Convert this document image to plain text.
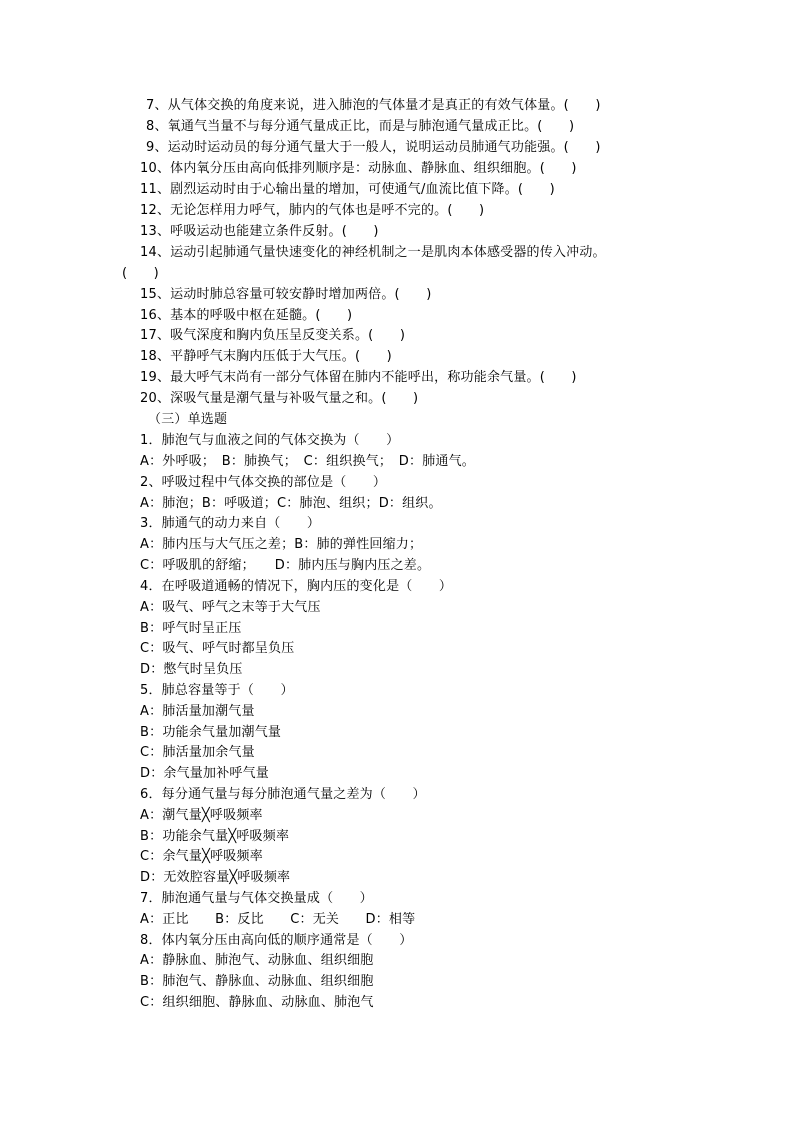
7、从气体交换的角度来说，进入肺泡的气体量才是真正的有效气体量。(　　)
8、氧通气当量不与每分通气量成正比，而是与肺泡通气量成正比。(　　)
9、运动时运动员的每分通气量大于一般人，说明运动员肺通气功能强。(　　)
10、体内氧分压由高向低排列顺序是：动脉血、静脉血、组织细胞。(　　)
11、剧烈运动时由于心输出量的增加，可使通气/血流比值下降。(　　)
12、无论怎样用力呼气，肺内的气体也是呼不完的。(　　)
13、呼吸运动也能建立条件反射。(　　)
14、运动引起肺通气量快速变化的神经机制之一是肌肉本体感受器的传入冲动。
(　　)
15、运动时肺总容量可较安静时增加两倍。(　　)
16、基本的呼吸中枢在延髓。(　　)
17、吸气深度和胸内负压呈反变关系。(　　)
18、平静呼气末胸内压低于大气压。(　　)
19、最大呼气末尚有一部分气体留在肺内不能呼出，称功能余气量。(　　)
20、深吸气量是潮气量与补吸气量之和。(　　)
（三）单选题
1．肺泡气与血液之间的气体交换为（　　）
A：外呼吸；　B：肺换气；　C：组织换气；　D：肺通气。
2、呼吸过程中气体交换的部位是（　　）
A：肺泡；B：呼吸道；C：肺泡、组织；D：组织。
3．肺通气的动力来自（　　）
A：肺内压与大气压之差；B：肺的弹性回缩力；
C：呼吸肌的舒缩；　　D：肺内压与胸内压之差。
4．在呼吸道通畅的情况下，胸内压的变化是（　　）
A：吸气、呼气之末等于大气压
B：呼气时呈正压
C：吸气、呼气时都呈负压
D：憋气时呈负压
5．肺总容量等于（　　）
A：肺活量加潮气量
B：功能余气量加潮气量
C：肺活量加余气量
D：余气量加补呼气量
6．每分通气量与每分肺泡通气量之差为（　　）
A：潮气量╳呼吸频率
B：功能余气量╳呼吸频率
C：余气量╳呼吸频率
D：无效腔容量╳呼吸频率
7．肺泡通气量与气体交换量成（　　）
A：正比　　B：反比　　C：无关　　D：相等
8．体内氧分压由高向低的顺序通常是（　　）
A：静脉血、肺泡气、动脉血、组织细胞
B：肺泡气、静脉血、动脉血、组织细胞
C：组织细胞、静脉血、动脉血、肺泡气
